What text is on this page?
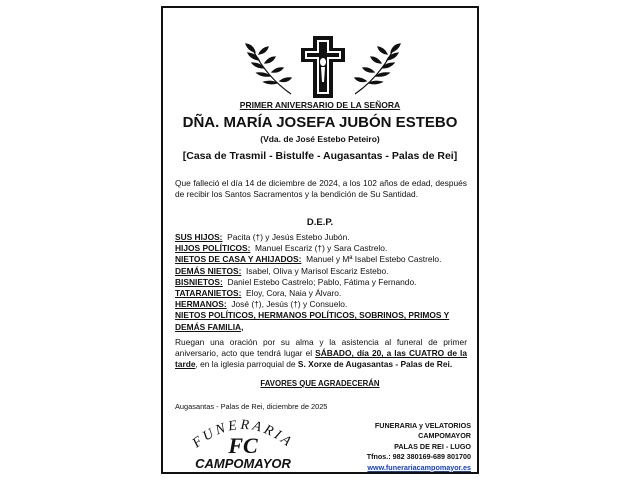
PRIMER ANIVERSARIO DE LA SEÑORA
DÑA. MARÍA JOSEFA JUBÓN ESTEBO
(Vda. de José Estebo Peteiro)
[Casa de Trasmil - Bistulfe - Augasantas - Palas de Rei]
Que falleció el día 14 de diciembre de 2024, a los 102 años de edad, después de recibir los Santos Sacramentos y la bendición de Su Santidad.
D.E.P.
SUS HIJOS: Pacita (†) y Jesús Estebo Jubón.
HIJOS POLÍTICOS: Manuel Escariz (†) y Sara Castrelo.
NIETOS DE CASA Y AHIJADOS: Manuel y Mª Isabel Estebo Castrelo.
DEMÁS NIETOS: Isabel, Oliva y Marisol Escariz Estebo.
BISNIETOS: Daniel Estebo Castrelo; Pablo, Fátima y Fernando.
TATARANIETOS: Eloy, Cora, Naia y Álvaro.
HERMANOS: José (†), Jesús (†) y Consuelo.
NIETOS POLÍTICOS, HERMANOS POLÍTICOS, SOBRINOS, PRIMOS Y DEMÁS FAMILIA,
Ruegan una oración por su alma y la asistencia al funeral de primer aniversario, acto que tendrá lugar el SÁBADO, día 20, a las CUATRO de la tarde, en la iglesia parroquial de S. Xorxe de Augasantas - Palas de Rei.
FAVORES QUE AGRADECERÁN
Augasantas - Palas de Rei, diciembre de 2025
FUNERARIA
FC
CAMPOMAYOR
FUNERARIA y VELATORIOS CAMPOMAYOR
PALAS DE REI - LUGO
Tfnos.: 982 380169-689 801700
www.funerariacampomayor.es
